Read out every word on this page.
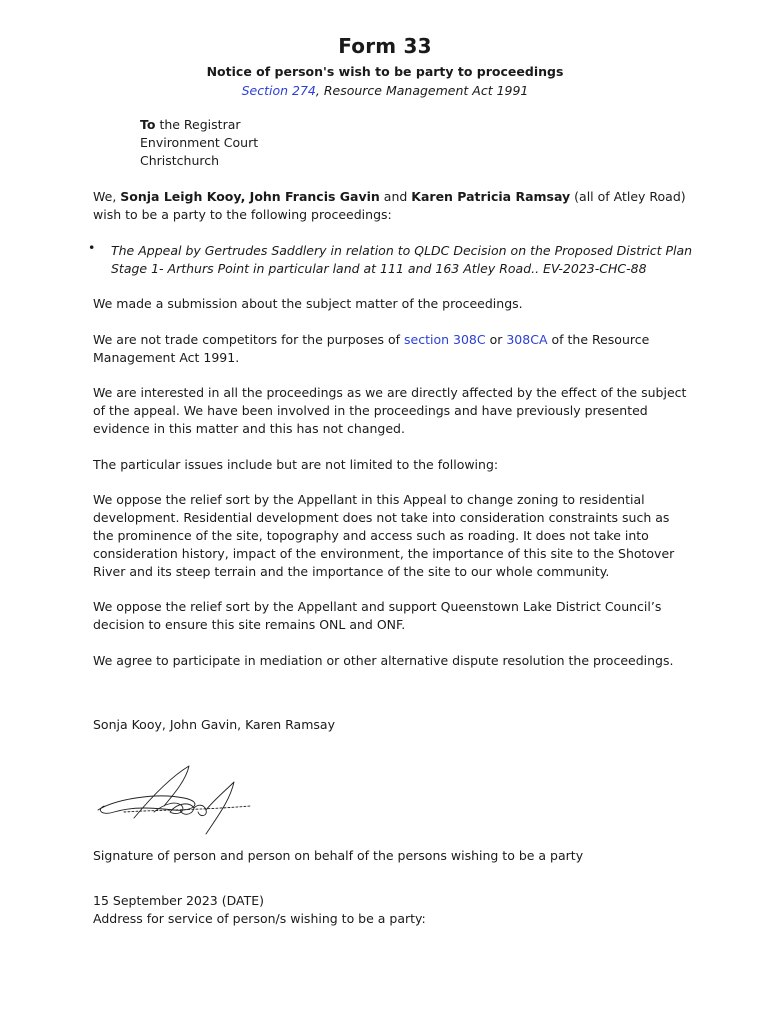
Form 33
Notice of person's wish to be party to proceedings
Section 274, Resource Management Act 1991
To the Registrar
Environment Court
Christchurch

We, Sonja Leigh Kooy, John Francis Gavin and Karen Patricia Ramsay (all of Atley Road) wish to be a party to the following proceedings:

• The Appeal by Gertrudes Saddlery in relation to QLDC Decision on the Proposed District Plan Stage 1- Arthurs Point in particular land at 111 and 163 Atley Road.. EV-2023-CHC-88

We made a submission about the subject matter of the proceedings.

We are not trade competitors for the purposes of section 308C or 308CA of the Resource Management Act 1991.

We are interested in all the proceedings as we are directly affected by the effect of the subject of the appeal. We have been involved in the proceedings and have previously presented evidence in this matter and this has not changed.

The particular issues include but are not limited to the following:

We oppose the relief sort by the Appellant in this Appeal to change zoning to residential development. Residential development does not take into consideration constraints such as the prominence of the site, topography and access such as roading. It does not take into consideration history, impact of the environment, the importance of this site to the Shotover River and its steep terrain and the importance of the site to our whole community.

We oppose the relief sort by the Appellant and support Queenstown Lake District Council’s decision to ensure this site remains ONL and ONF.

We agree to participate in mediation or other alternative dispute resolution the proceedings.

Sonja Kooy, John Gavin, Karen Ramsay

Signature of person and person on behalf of the persons wishing to be a party

15 September 2023 (DATE)

Address for service of person/s wishing to be a party:
